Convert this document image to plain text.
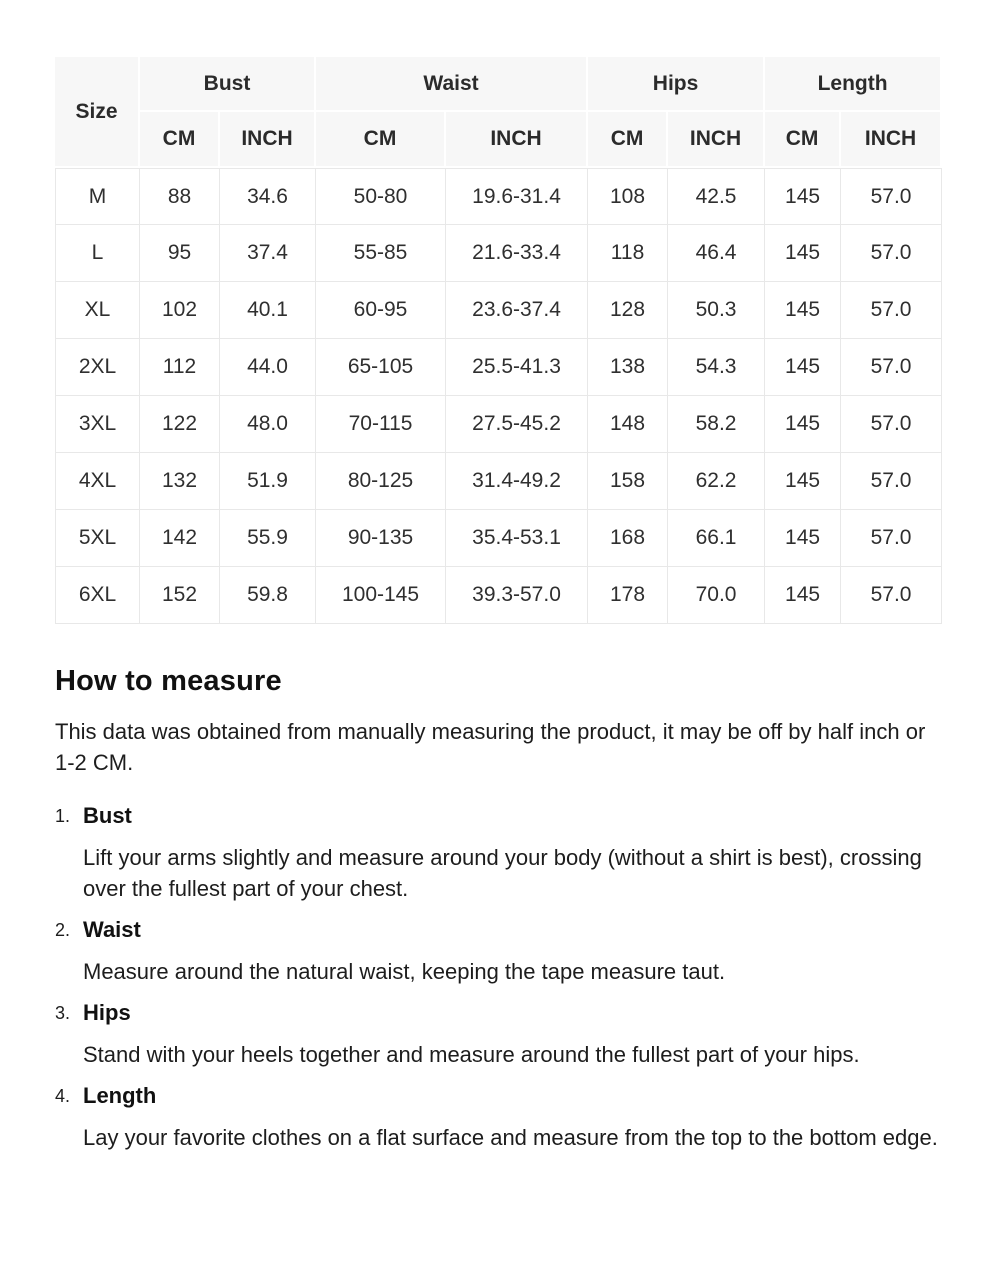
Size	Bust		Waist		Hips		Length	
	CM	INCH	CM	INCH	CM	INCH	CM	INCH
M	88	34.6	50-80	19.6-31.4	108	42.5	145	57.0
L	95	37.4	55-85	21.6-33.4	118	46.4	145	57.0
XL	102	40.1	60-95	23.6-37.4	128	50.3	145	57.0
2XL	112	44.0	65-105	25.5-41.3	138	54.3	145	57.0
3XL	122	48.0	70-115	27.5-45.2	148	58.2	145	57.0
4XL	132	51.9	80-125	31.4-49.2	158	62.2	145	57.0
5XL	142	55.9	90-135	35.4-53.1	168	66.1	145	57.0
6XL	152	59.8	100-145	39.3-57.0	178	70.0	145	57.0
How to measure

This data was obtained from manually measuring the product, it may be off by half inch or 1-2 CM.

1. Bust
Lift your arms slightly and measure around your body (without a shirt is best), crossing over the fullest part of your chest.
2. Waist
Measure around the natural waist, keeping the tape measure taut.
3. Hips
Stand with your heels together and measure around the fullest part of your hips.
4. Length
Lay your favorite clothes on a flat surface and measure from the top to the bottom edge.
